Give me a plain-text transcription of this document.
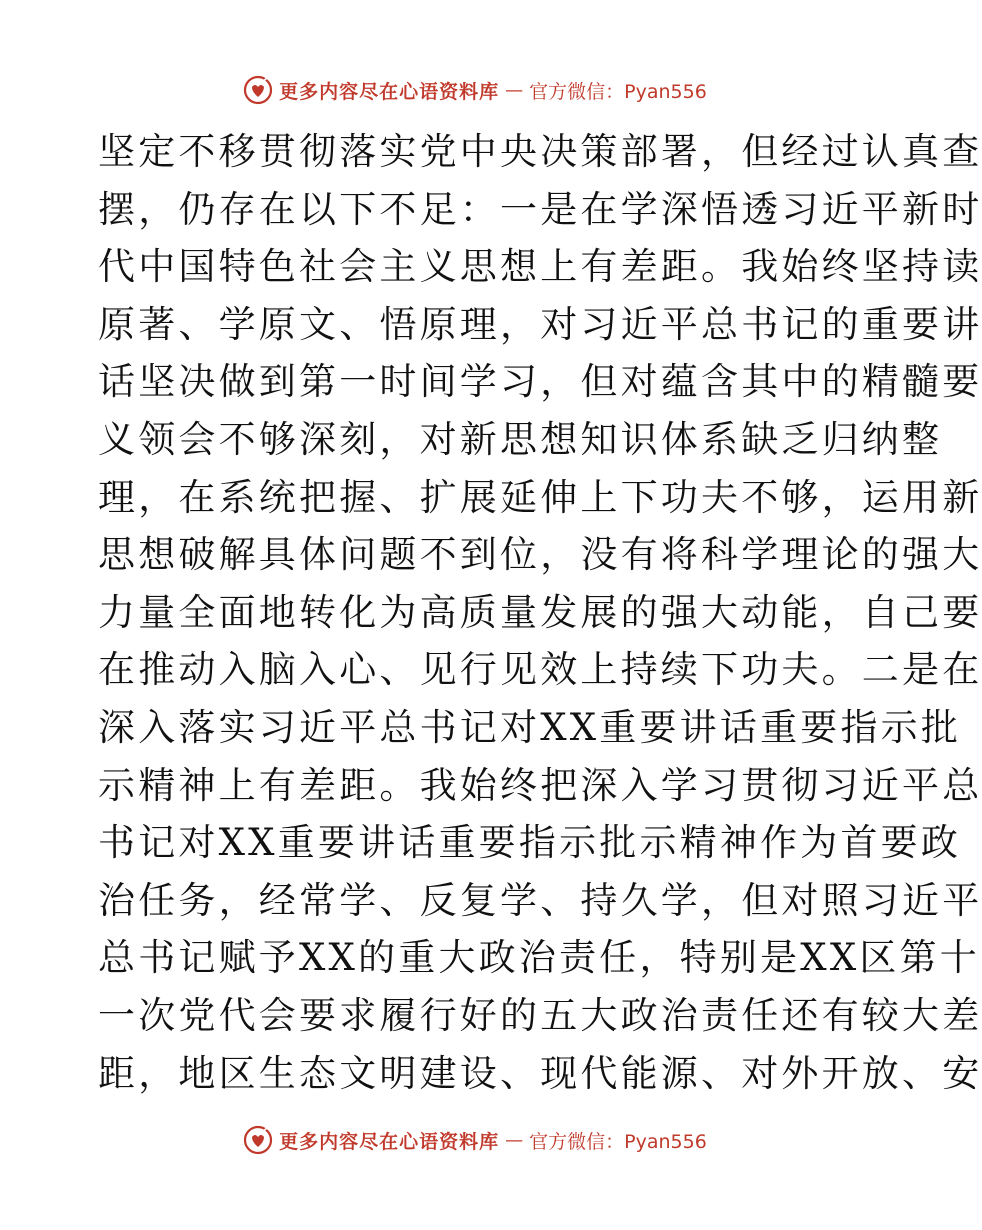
更多内容尽在心语资料库 — 官方微信：Pyan556
坚定不移贯彻落实党中央决策部署，但经过认真查
摆，仍存在以下不足：一是在学深悟透习近平新时
代中国特色社会主义思想上有差距。我始终坚持读
原著、学原文、悟原理，对习近平总书记的重要讲
话坚决做到第一时间学习，但对蕴含其中的精髓要
义领会不够深刻，对新思想知识体系缺乏归纳整
理，在系统把握、扩展延伸上下功夫不够，运用新
思想破解具体问题不到位，没有将科学理论的强大
力量全面地转化为高质量发展的强大动能，自己要
在推动入脑入心、见行见效上持续下功夫。二是在
深入落实习近平总书记对XX重要讲话重要指示批
示精神上有差距。我始终把深入学习贯彻习近平总
书记对XX重要讲话重要指示批示精神作为首要政
治任务，经常学、反复学、持久学，但对照习近平
总书记赋予XX的重大政治责任，特别是XX区第十
一次党代会要求履行好的五大政治责任还有较大差
距，地区生态文明建设、现代能源、对外开放、安
更多内容尽在心语资料库 — 官方微信：Pyan556
